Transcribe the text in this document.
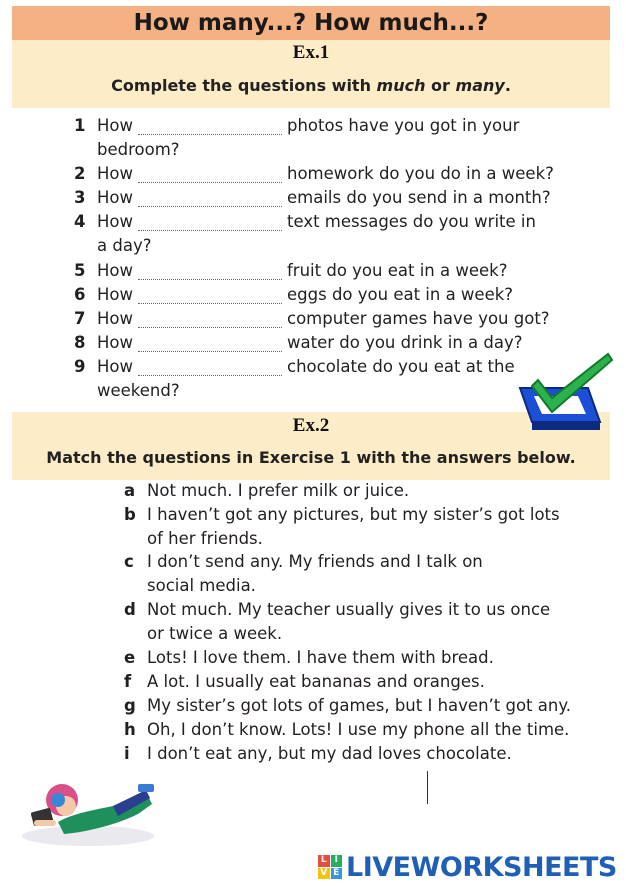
How many...? How much...?
Ex.1
Complete the questions with much or many.
1 How	photos have you got in your
bedroom?
2 How	homework do you do in a week?
3 How	emails do you send in a month?
4 How	text messages do you write in
a day?
5 How	fruit do you eat in a week?
6 How	eggs do you eat in a week?
7 How	computer games have you got?
8 How	water do you drink in a day?
9 How	chocolate do you eat at the
weekend?
Ex.2
Match the questions in Exercise 1 with the answers below.
a Not much. I prefer milk or juice.
b I haven’t got any pictures, but my sister’s got lots
of her friends.
c I don’t send any. My friends and I talk on
social media.
d Not much. My teacher usually gives it to us once
or twice a week.
e Lots! I love them. I have them with bread.
f A lot. I usually eat bananas and oranges.
g My sister’s got lots of games, but I haven’t got any.
h Oh, I don’t know. Lots! I use my phone all the time.
i I don’t eat any, but my dad loves chocolate.
L I
V E LIVEWORKSHEETS
